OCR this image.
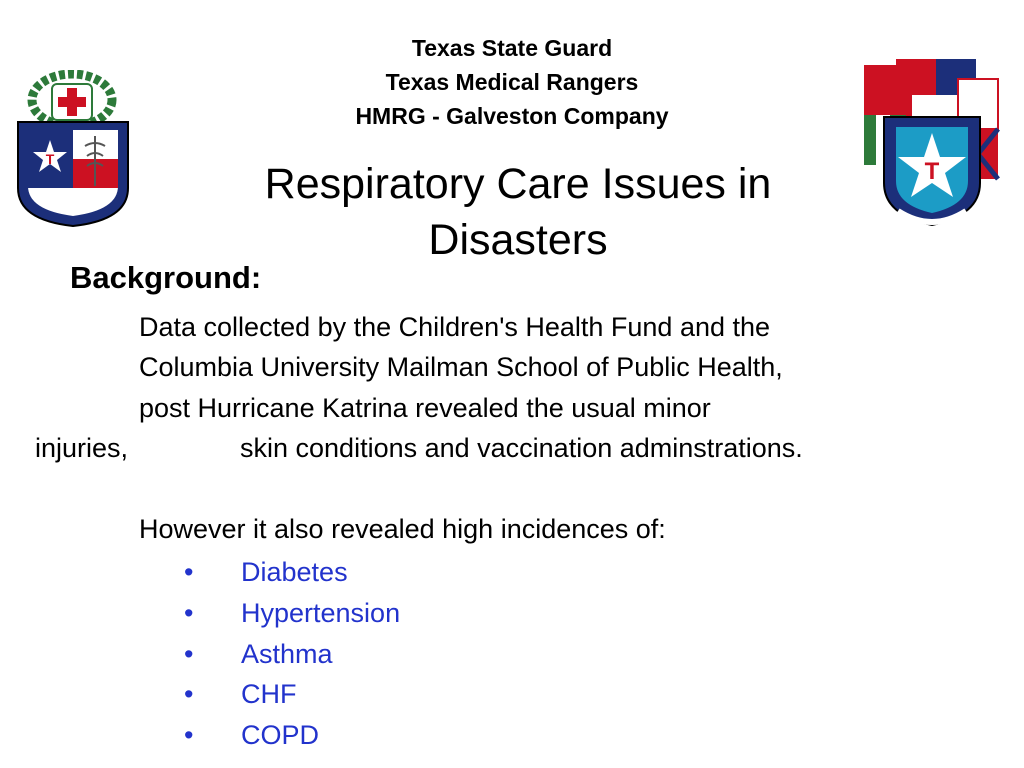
Texas State Guard
Texas Medical Rangers
HMRG - Galveston Company
Respiratory Care Issues in
Disasters
T	T
Background:
Data collected by the Children's Health Fund and the
Columbia University Mailman School of Public Health,
post Hurricane Katrina revealed the usual minor
injuries,	skin conditions and vaccination adminstrations.
However it also revealed high incidences of:
• Diabetes
• Hypertension
• Asthma
• CHF
• COPD
